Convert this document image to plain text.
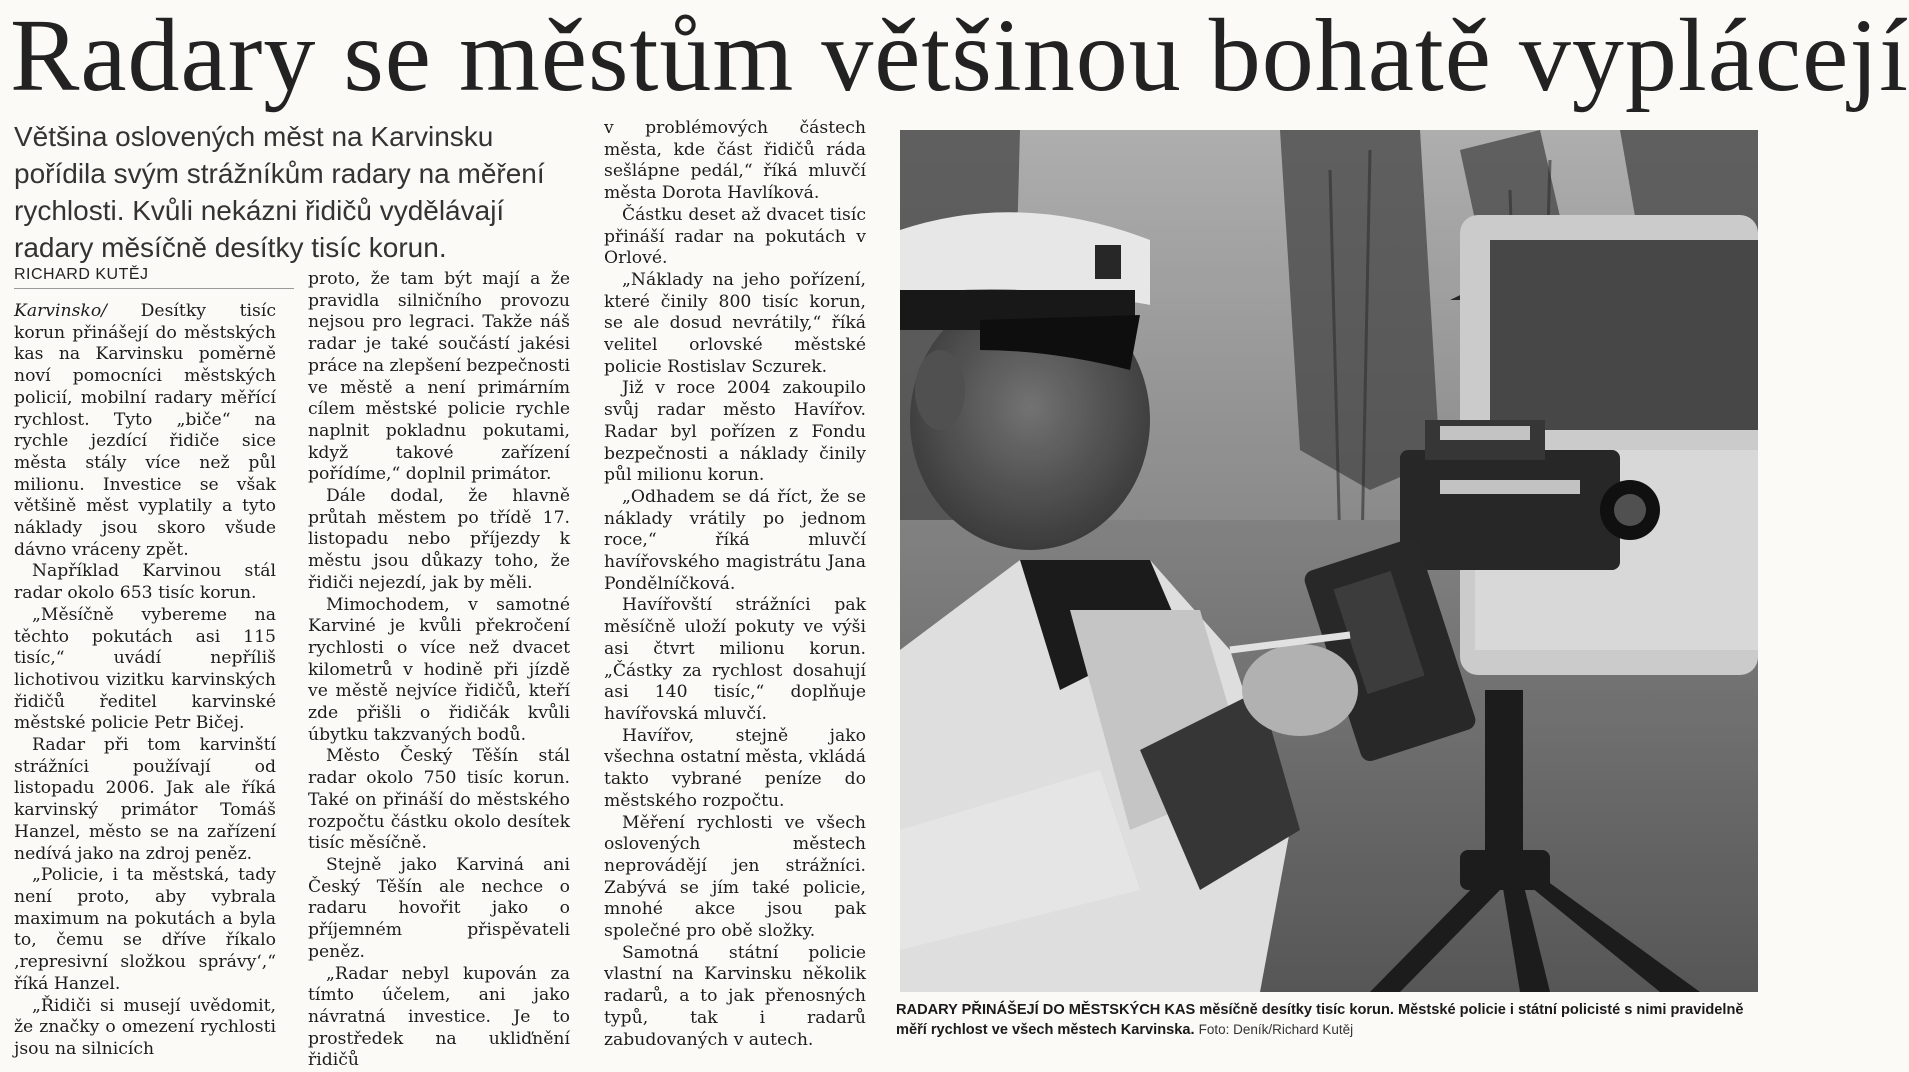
Radary se městům většinou bohatě vyplácejí
Většina oslovených měst na Karvinsku pořídila svým strážníkům radary na měření rychlosti. Kvůli nekázni řidičů vydělávají radary měsíčně desítky tisíc korun.
RICHARD KUTĚJ

Karvinsko/ Desítky tisíc korun přinášejí do městských kas na Karvinsku poměrně noví pomocníci městských policií, mobilní radary měřící rychlost. Tyto „biče“ na rychle jezdící řidiče sice města stály více než půl milionu. Investice se však většině měst vyplatily a tyto náklady jsou skoro všude dávno vráceny zpět.

Například Karvinou stál radar okolo 653 tisíc korun.

„Měsíčně vybereme na těchto pokutách asi 115 tisíc,“ uvádí nepříliš lichotivou vizitku karvinských řidičů ředitel karvinské městské policie Petr Bičej.

Radar při tom karvinští strážníci používají od listopadu 2006. Jak ale říká karvinský primátor Tomáš Hanzel, město se na zařízení nedívá jako na zdroj peněz.

„Policie, i ta městská, tady není proto, aby vybrala maximum na pokutách a byla to, čemu se dříve říkalo ‚represivní složkou správy‘,“ říká Hanzel.

„Řidiči si musejí uvědomit, že značky o omezení rychlosti jsou na silnicích

proto, že tam být mají a že pravidla silničního provozu nejsou pro legraci. Takže náš radar je také součástí jakési práce na zlepšení bezpečnosti ve městě a není primárním cílem městské policie rychle naplnit pokladnu pokutami, když takové zařízení pořídíme,“ doplnil primátor.

Dále dodal, že hlavně průtah městem po třídě 17. listopadu nebo příjezdy k městu jsou důkazy toho, že řidiči nejezdí, jak by měli.

Mimochodem, v samotné Karviné je kvůli překročení rychlosti o více než dvacet kilometrů v hodině při jízdě ve městě nejvíce řidičů, kteří zde přišli o řidičák kvůli úbytku takzvaných bodů.

Město Český Těšín stál radar okolo 750 tisíc korun. Také on přináší do městského rozpočtu částku okolo desítek tisíc měsíčně.

Stejně jako Karviná ani Český Těšín ale nechce o radaru hovořit jako o příjemném přispěvateli peněz.

„Radar nebyl kupován za tímto účelem, ani jako návratná investice. Je to prostředek na ukliďnění řidičů

v problémových částech města, kde část řidičů ráda sešlápne pedál,“ říká mluvčí města Dorota Havlíková.

Částku deset až dvacet tisíc přináší radar na pokutách v Orlové.

„Náklady na jeho pořízení, které činily 800 tisíc korun, se ale dosud nevrátily,“ říká velitel orlovské městské policie Rostislav Sczurek.

Již v roce 2004 zakoupilo svůj radar město Havířov. Radar byl pořízen z Fondu bezpečnosti a náklady činily půl milionu korun.

„Odhadem se dá říct, že se náklady vrátily po jednom roce,“ říká mluvčí havířovského magistrátu Jana Pondělníčková.

Havířovští strážníci pak měsíčně uloží pokuty ve výši asi čtvrt milionu korun. „Částky za rychlost dosahují asi 140 tisíc,“ doplňuje havířovská mluvčí.

Havířov, stejně jako všechna ostatní města, vkládá takto vybrané peníze do městského rozpočtu.

Měření rychlosti ve všech oslovených městech neprovádějí jen strážníci. Zabývá se jím také policie, mnohé akce jsou pak společné pro obě složky.

Samotná státní policie vlastní na Karvinsku několik radarů, a to jak přenosných typů, tak i radarů zabudovaných v autech.

RADARY PŘINÁŠEJÍ DO MĚSTSKÝCH KAS měsíčně desítky tisíc korun. Městské policie i státní policisté s nimi pravidelně měří rychlost ve všech městech Karvinska. Foto: Deník/Richard Kutěj
